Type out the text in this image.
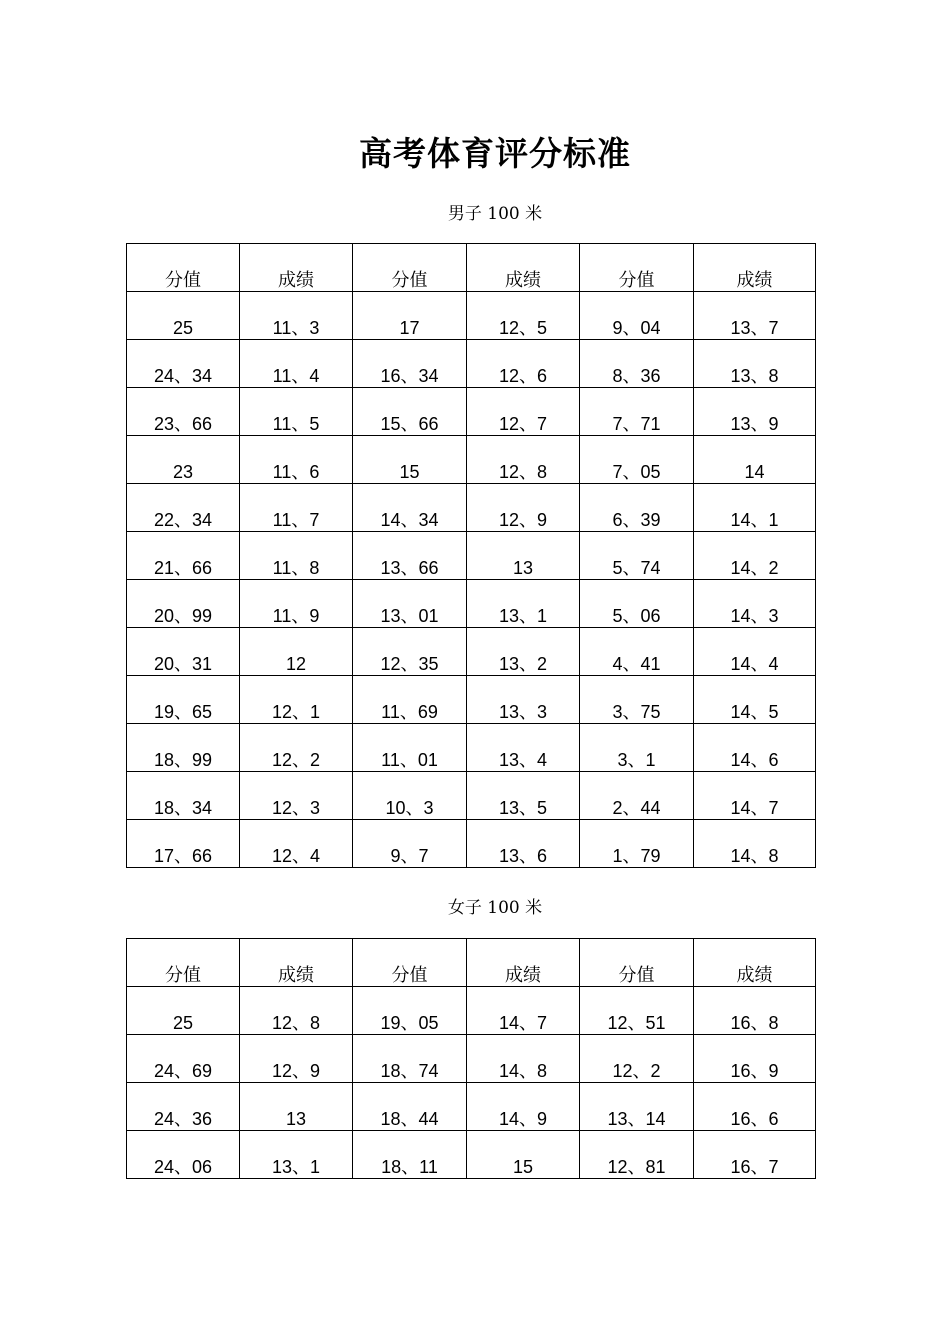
高考体育评分标准
男子 100 米
分值	成绩	分值	成绩	分值	成绩
25	11、3	17	12、5	9、04	13、7
24、34	11、4	16、34	12、6	8、36	13、8
23、66	11、5	15、66	12、7	7、71	13、9
23	11、6	15	12、8	7、05	14
22、34	11、7	14、34	12、9	6、39	14、1
21、66	11、8	13、66	13	5、74	14、2
20、99	11、9	13、01	13、1	5、06	14、3
20、31	12	12、35	13、2	4、41	14、4
19、65	12、1	11、69	13、3	3、75	14、5
18、99	12、2	11、01	13、4	3、1	14、6
18、34	12、3	10、3	13、5	2、44	14、7
17、66	12、4	9、7	13、6	1、79	14、8
女子 100 米
分值	成绩	分值	成绩	分值	成绩
25	12、8	19、05	14、7	12、51	16、8
24、69	12、9	18、74	14、8	12、2	16、9
24、36	13	18、44	14、9	13、14	16、6
24、06	13、1	18、11	15	12、81	16、7
